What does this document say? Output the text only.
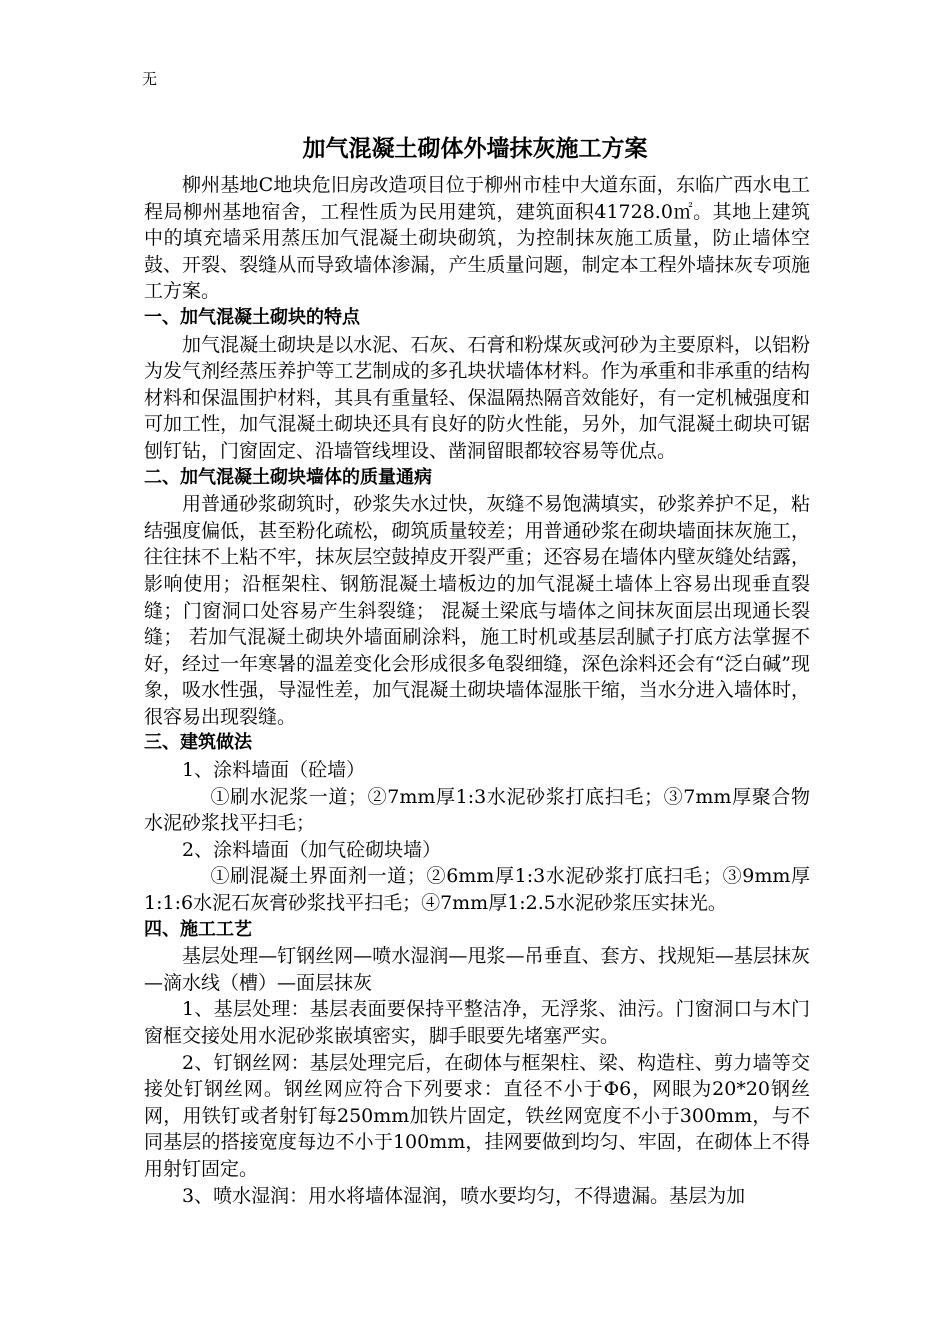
无
加气混凝土砌体外墙抹灰施工方案

柳州基地C地块危旧房改造项目位于柳州市桂中大道东面，东临广西水电工程局柳州基地宿舍，工程性质为民用建筑，建筑面积41728.0㎡。其地上建筑中的填充墙采用蒸压加气混凝土砌块砌筑，为控制抹灰施工质量，防止墙体空鼓、开裂、裂缝从而导致墙体渗漏，产生质量问题，制定本工程外墙抹灰专项施工方案。

一、加气混凝土砌块的特点

加气混凝土砌块是以水泥、石灰、石膏和粉煤灰或河砂为主要原料，以铝粉为发气剂经蒸压养护等工艺制成的多孔块状墙体材料。作为承重和非承重的结构材料和保温围护材料，其具有重量轻、保温隔热隔音效能好，有一定机械强度和可加工性，加气混凝土砌块还具有良好的防火性能，另外，加气混凝土砌块可锯刨钉钻，门窗固定、沿墙管线埋设、凿洞留眼都较容易等优点。

二、加气混凝土砌块墙体的质量通病

用普通砂浆砌筑时，砂浆失水过快，灰缝不易饱满填实，砂浆养护不足，粘结强度偏低，甚至粉化疏松，砌筑质量较差；用普通砂浆在砌块墙面抹灰施工，往往抹不上粘不牢，抹灰层空鼓掉皮开裂严重；还容易在墙体内壁灰缝处结露，影响使用；沿框架柱、钢筋混凝土墙板边的加气混凝土墙体上容易出现垂直裂缝；门窗洞口处容易产生斜裂缝； 混凝土梁底与墙体之间抹灰面层出现通长裂缝； 若加气混凝土砌块外墙面刷涂料，施工时机或基层刮腻子打底方法掌握不好，经过一年寒暑的温差变化会形成很多龟裂细缝，深色涂料还会有“泛白碱”现象，吸水性强，导湿性差，加气混凝土砌块墙体湿胀干缩，当水分进入墙体时，很容易出现裂缝。

三、建筑做法

1、涂料墙面（砼墙）

①刷水泥浆一道；②7mm厚1:3水泥砂浆打底扫毛；③7mm厚聚合物水泥砂浆找平扫毛；

2、涂料墙面（加气砼砌块墙）

①刷混凝土界面剂一道；②6mm厚1:3水泥砂浆打底扫毛；③9mm厚1:1:6水泥石灰膏砂浆找平扫毛；④7mm厚1:2.5水泥砂浆压实抹光。

四、施工工艺

基层处理—钉钢丝网—喷水湿润—甩浆—吊垂直、套方、找规矩—基层抹灰—滴水线（槽）—面层抹灰

1、基层处理：基层表面要保持平整洁净，无浮浆、油污。门窗洞口与木门窗框交接处用水泥砂浆嵌填密实，脚手眼要先堵塞严实。

2、钉钢丝网：基层处理完后，在砌体与框架柱、梁、构造柱、剪力墙等交接处钉钢丝网。钢丝网应符合下列要求：直径不小于Φ6，网眼为20*20钢丝网，用铁钉或者射钉每250mm加铁片固定，铁丝网宽度不小于300mm，与不同基层的搭接宽度每边不小于100mm，挂网要做到均匀、牢固，在砌体上不得用射钉固定。

3、喷水湿润：用水将墙体湿润，喷水要均匀，不得遗漏。基层为加
